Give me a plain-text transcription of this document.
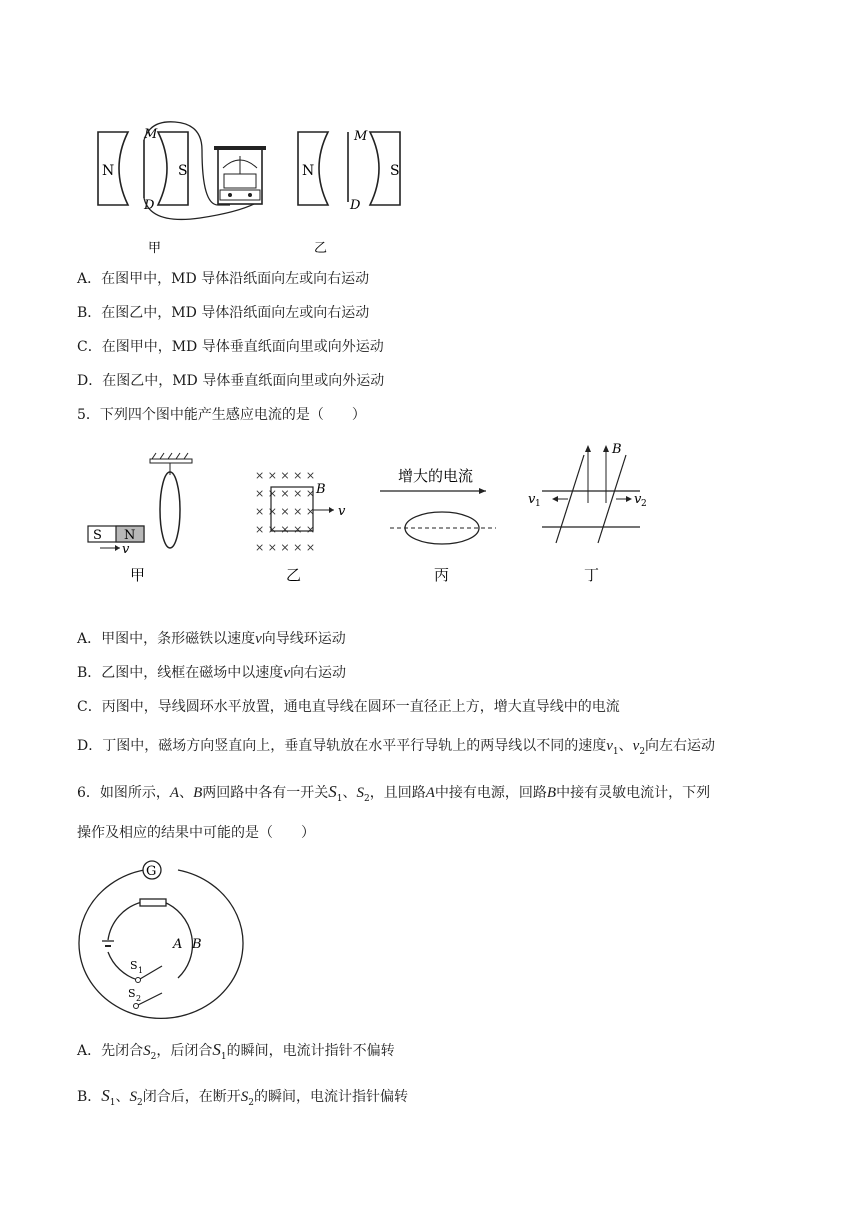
N	S
M
D
甲
N	S
M
D
乙
A．在图甲中，MD 导体沿纸面向左或向右运动
B．在图乙中，MD 导体沿纸面向左或向右运动
C．在图甲中，MD 导体垂直纸面向里或向外运动
D．在图乙中，MD 导体垂直纸面向里或向外运动
5．下列四个图中能产生感应电流的是（　　）
S N
v
甲
× × × × ×
× × × × ×
× × × × ×
× × × × ×
× × × × ×
B
v
乙
增大的电流
丙
B
v 1	v 2
丁
A．甲图中，条形磁铁以速度v向导线环运动
B．乙图中，线框在磁场中以速度v向右运动
C．丙图中，导线圆环水平放置，通电直导线在圆环一直径正上方，增大直导线中的电流
D．丁图中，磁场方向竖直向上，垂直导轨放在水平平行导轨上的两导线以不同的速度$v_1$、$v_2$向左右运动
6．如图所示，A、B两回路中各有一开关$S_1$、$S_2$，且回路A中接有电源，回路B中接有灵敏电流计，下列
操作及相应的结果中可能的是（　　）
G
S 1
S 2
A B
A．先闭合$S_2$，后闭合$S_1$的瞬间，电流计指针不偏转
B．$S_1$、$S_2$闭合后，在断开$S_2$的瞬间，电流计指针偏转
